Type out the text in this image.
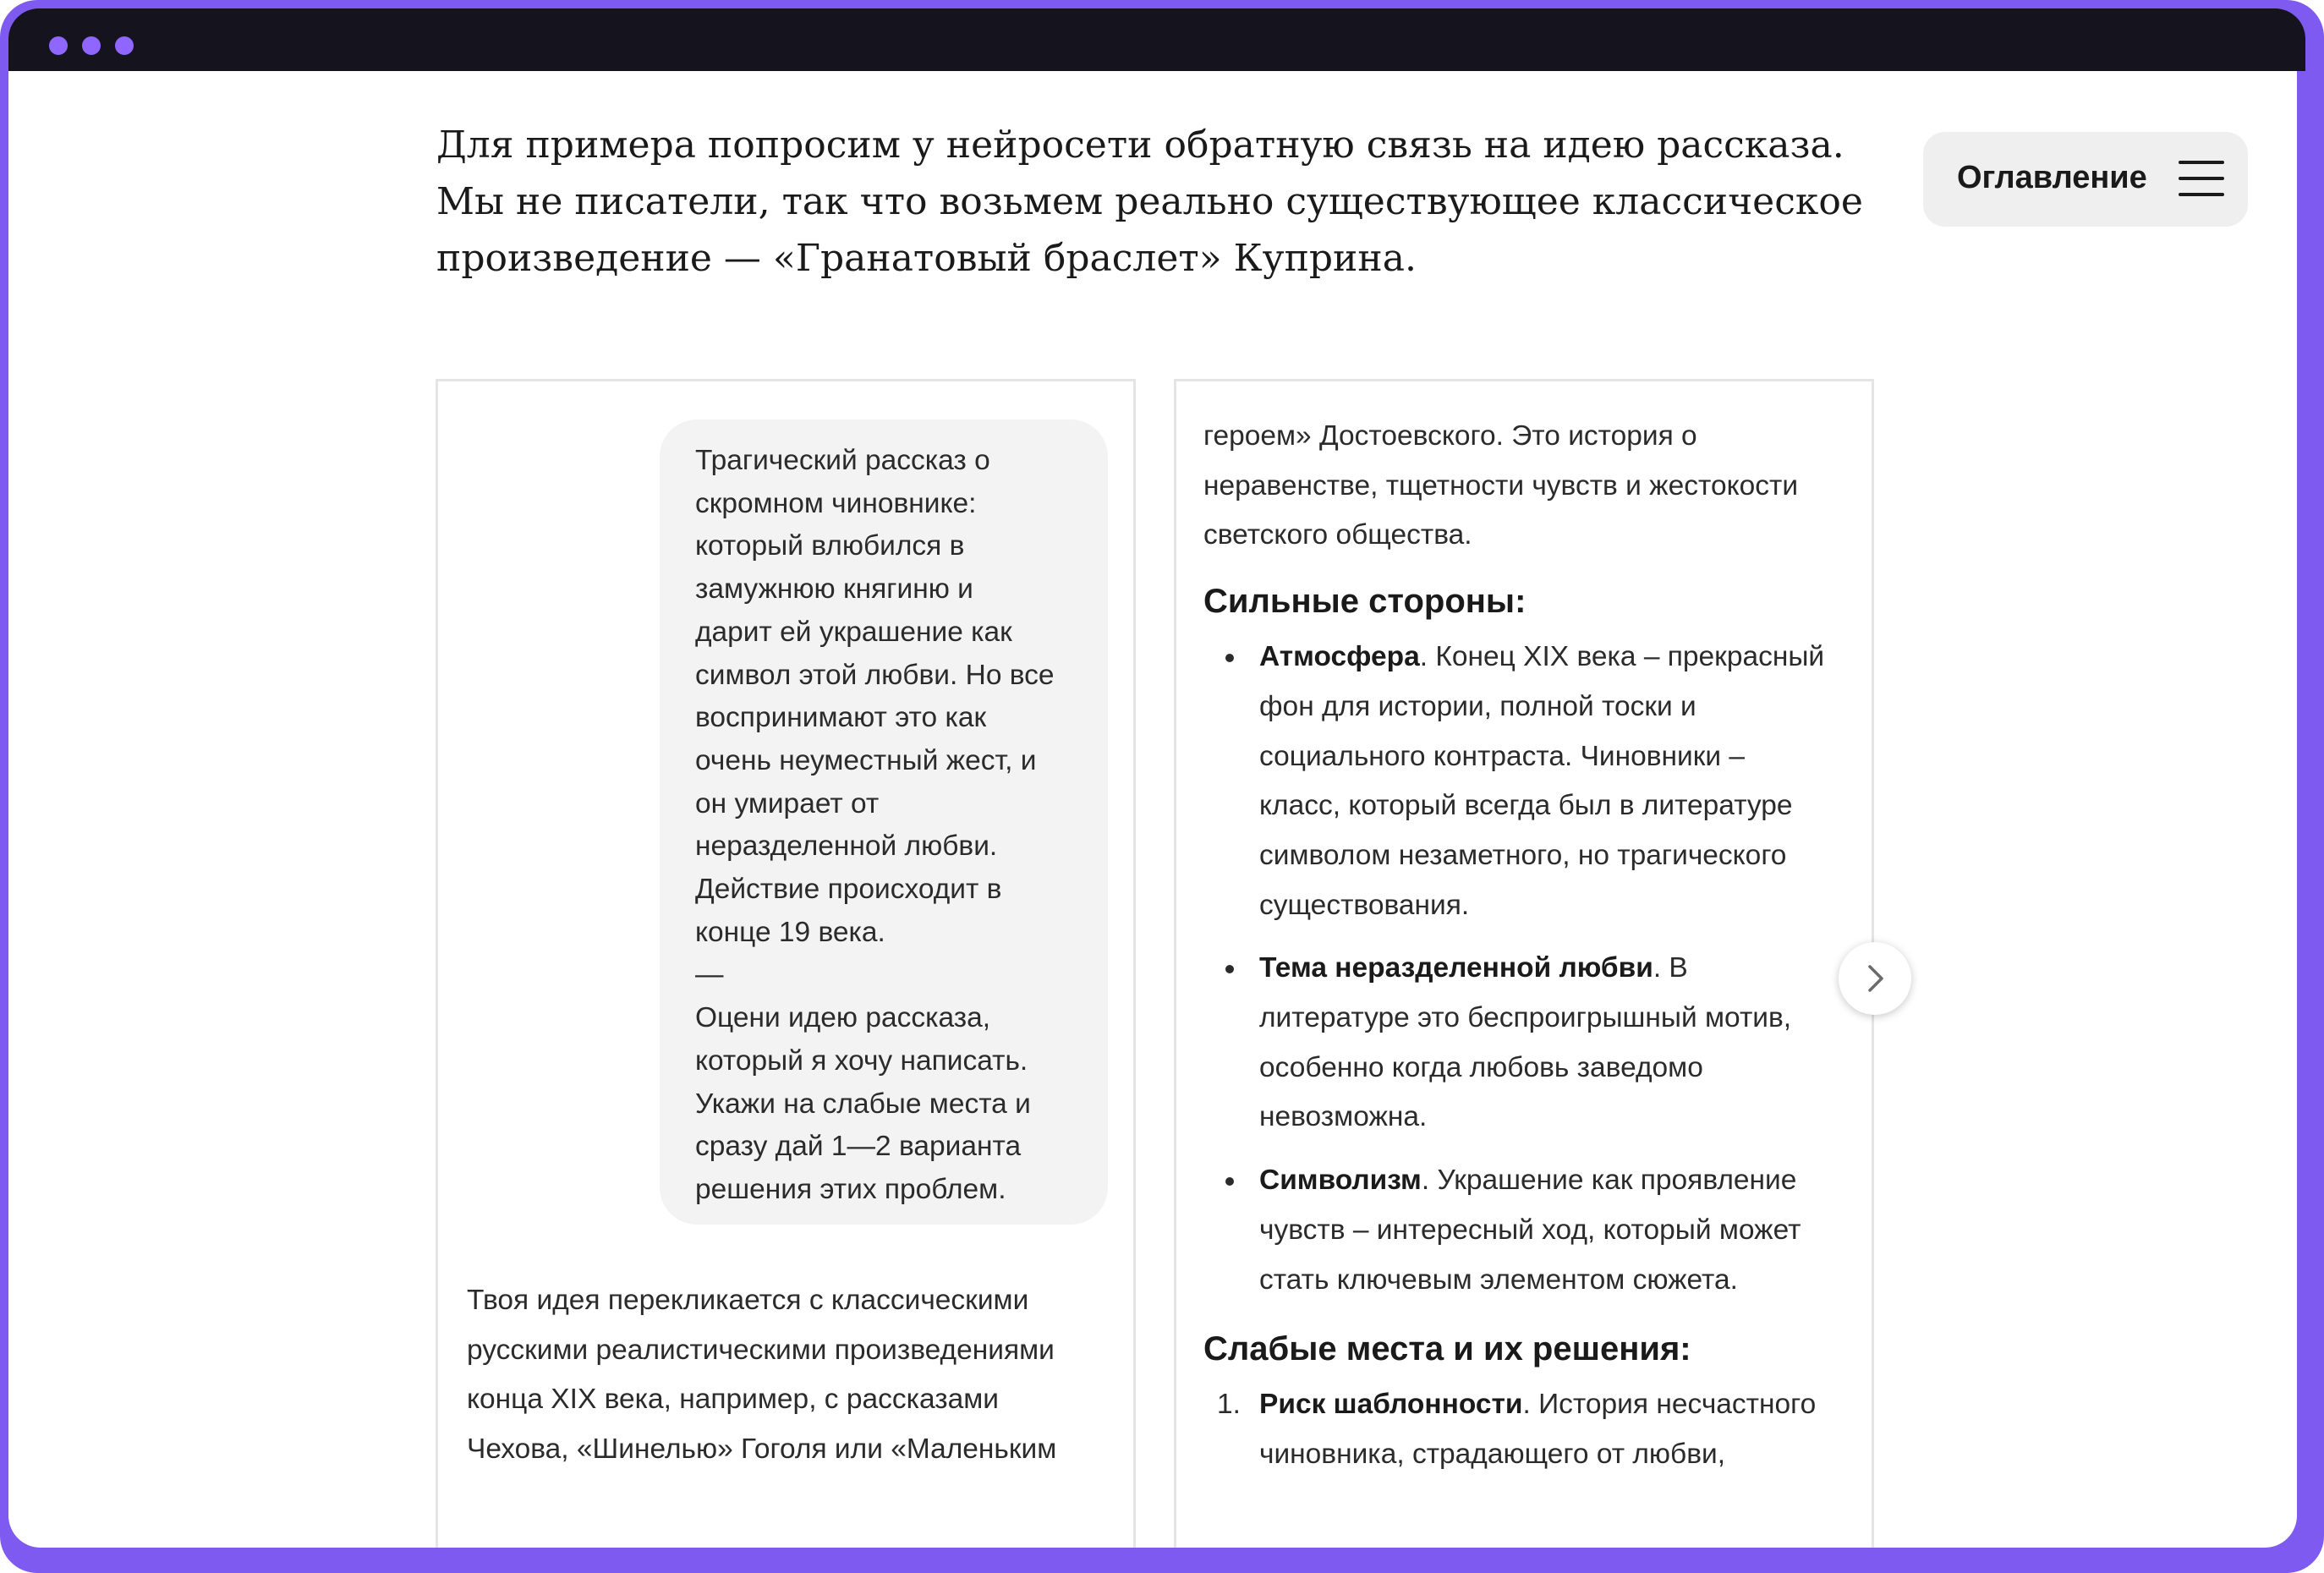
Для примера попросим у нейросети обратную связь на идею рассказа.

Мы не писатели, так что возьмем реально существующее классическое

произведение — «Гранатовый браслет» Куприна.

Оглавление

Трагический рассказ о
скромном чиновнике:
который влюбился в
замужнюю княгиню и
дарит ей украшение как
символ этой любви. Но все
воспринимают это как
очень неуместный жест, и
он умирает от
неразделенной любви.
Действие происходит в
конце 19 века.
—
Оцени идею рассказа,
который я хочу написать.
Укажи на слабые места и
сразу дай 1—2 варианта
решения этих проблем.

Твоя идея перекликается с классическими
русскими реалистическими произведениями
конца XIX века, например, с рассказами
Чехова, «Шинелью» Гоголя или «Маленьким
героем» Достоевского. Это история о
неравенстве, тщетности чувств и жестокости
светского общества.
Сильные стороны:
Атмосфера. Конец XIX века – прекрасный
фон для истории, полной тоски и
социального контраста. Чиновники –
класс, который всегда был в литературе
символом незаметного, но трагического
существования.
Тема неразделенной любви. В
литературе это беспроигрышный мотив,
особенно когда любовь заведомо
невозможна.
Символизм. Украшение как проявление
чувств – интересный ход, который может
стать ключевым элементом сюжета.
Слабые места и их решения:
1. Риск шаблонности. История несчастного
чиновника, страдающего от любви,
